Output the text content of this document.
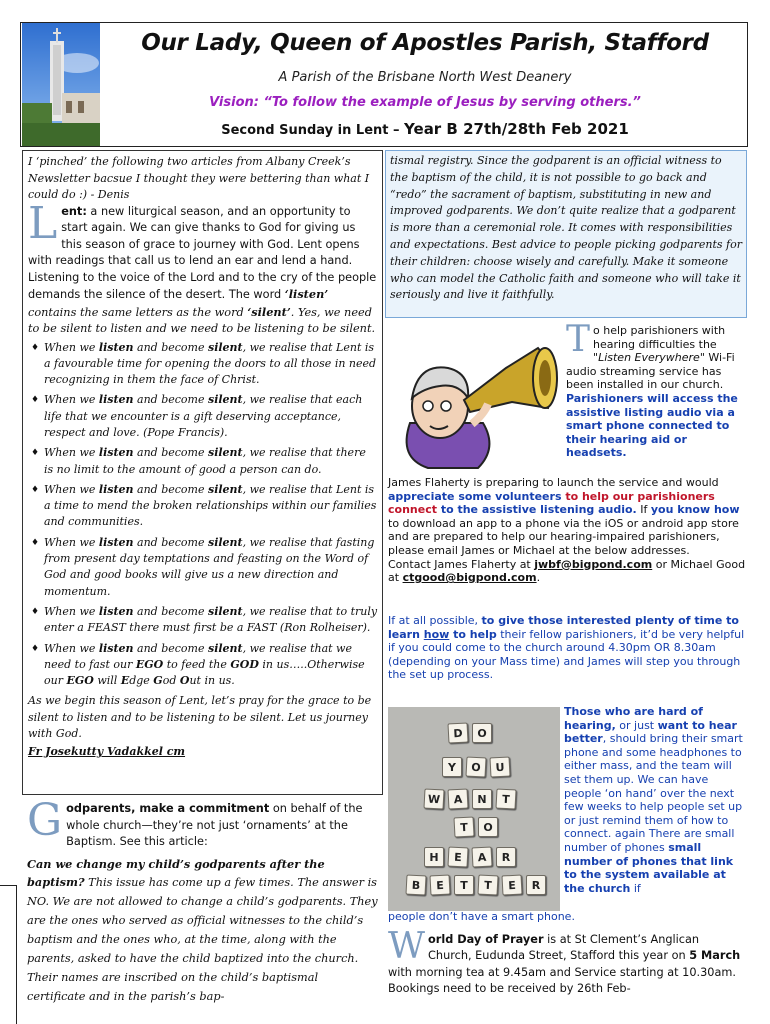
Our Lady, Queen of Apostles Parish, Stafford
A Parish of the Brisbane North West Deanery
Vision: “To follow the example of Jesus by serving others.”
Second Sunday in Lent – Year B 27th/28th Feb 2021

I ‘pinched’ the following two articles from Albany Creek’s Newsletter bacsue I thought they were bettering than what I could do :) - Denis

Lent: a new liturgical season, and an opportunity to start again. We can give thanks to God for giving us this season of grace to journey with God. Lent opens with readings that call us to lend an ear and lend a hand. Listening to the voice of the Lord and to the cry of the people demands the silence of the desert. The word ‘listen’ contains the same letters as the word ‘silent’. Yes, we need to be silent to listen and we need to be listening to be silent.

♦ When we listen and become silent, we realise that Lent is a favourable time for opening the doors to all those in need recognizing in them the face of Christ.
♦ When we listen and become silent, we realise that each life that we encounter is a gift deserving acceptance, respect and love. (Pope Francis).
♦ When we listen and become silent, we realise that there is no limit to the amount of good a person can do.
♦ When we listen and become silent, we realise that Lent is a time to mend the broken relationships within our families and communities.
♦ When we listen and become silent, we realise that fasting from present day temptations and feasting on the Word of God and good books will give us a new direction and momentum.
♦ When we listen and become silent, we realise that to truly enter a FEAST there must first be a FAST (Ron Rolheiser).
♦ When we listen and become silent, we realise that we need to fast our EGO to feed the GOD in us…..Otherwise our EGO will Edge God Out in us.

As we begin this season of Lent, let’s pray for the grace to be silent to listen and to be listening to be silent. Let us journey with God.

Fr Josekutty Vadakkel cm

tismal registry. Since the godparent is an official witness to the baptism of the child, it is not possible to go back and “redo” the sacrament of baptism, substituting in new and improved godparents. We don’t quite realize that a godparent is more than a ceremonial role. It comes with responsibilities and expectations. Best advice to people picking godparents for their children: choose wisely and carefully. Make it someone who can model the Catholic faith and someone who will take it seriously and live it faithfully.

Godparents, make a commitment on behalf of the whole church—they’re not just ‘ornaments’ at the Baptism. See this article:

Can we change my child’s godparents after the baptism? This issue has come up a few times. The answer is NO. We are not allowed to change a child’s godparents. They are the ones who served as official witnesses to the child’s baptism and the ones who, at the time, along with the parents, asked to have the child baptized into the church. Their names are inscribed on the child’s baptismal certificate and in the parish’s bap-

To help parishioners with hearing difficulties the "Listen Everywhere" Wi-Fi audio streaming service has been installed in our church. Parishioners will access the assistive listing audio via a smart phone connected to their hearing aid or headsets.
James Flaherty is preparing to launch the service and would appreciate some volunteers to help our parishioners connect to the assistive listening audio. If you know how to download an app to a phone via the iOS or android app store and are prepared to help our hearing-impaired parishioners, please email James or Michael at the below addresses.
Contact James Flaherty at jwbf@bigpond.com or Michael Good at ctgood@bigpond.com.
If at all possible, to give those interested plenty of time to learn how to help their fellow parishioners, it’d be very helpful if you could come to the church around 4.30pm OR 8.30am (depending on your Mass time) and James will step you through the set up process.
D	O
Y	O	U
W	A	N	T
T	O
H	E	A	R
B	E	T	T	E	R
Those who are hard of hearing, or just want to hear better, should bring their smart phone and some headphones to either mass, and the team will set them up. We can have people ‘on hand’ over the next few weeks to help people set up or just remind them of how to connect. again There are small number of phones small number of phones that link to the system available at the church if
people don’t have a smart phone.
World Day of Prayer is at St Clement’s Anglican Church, Eudunda Street, Stafford this year on 5 March with morning tea at 9.45am and Service starting at 10.30am. Bookings need to be received by 26th Feb-
